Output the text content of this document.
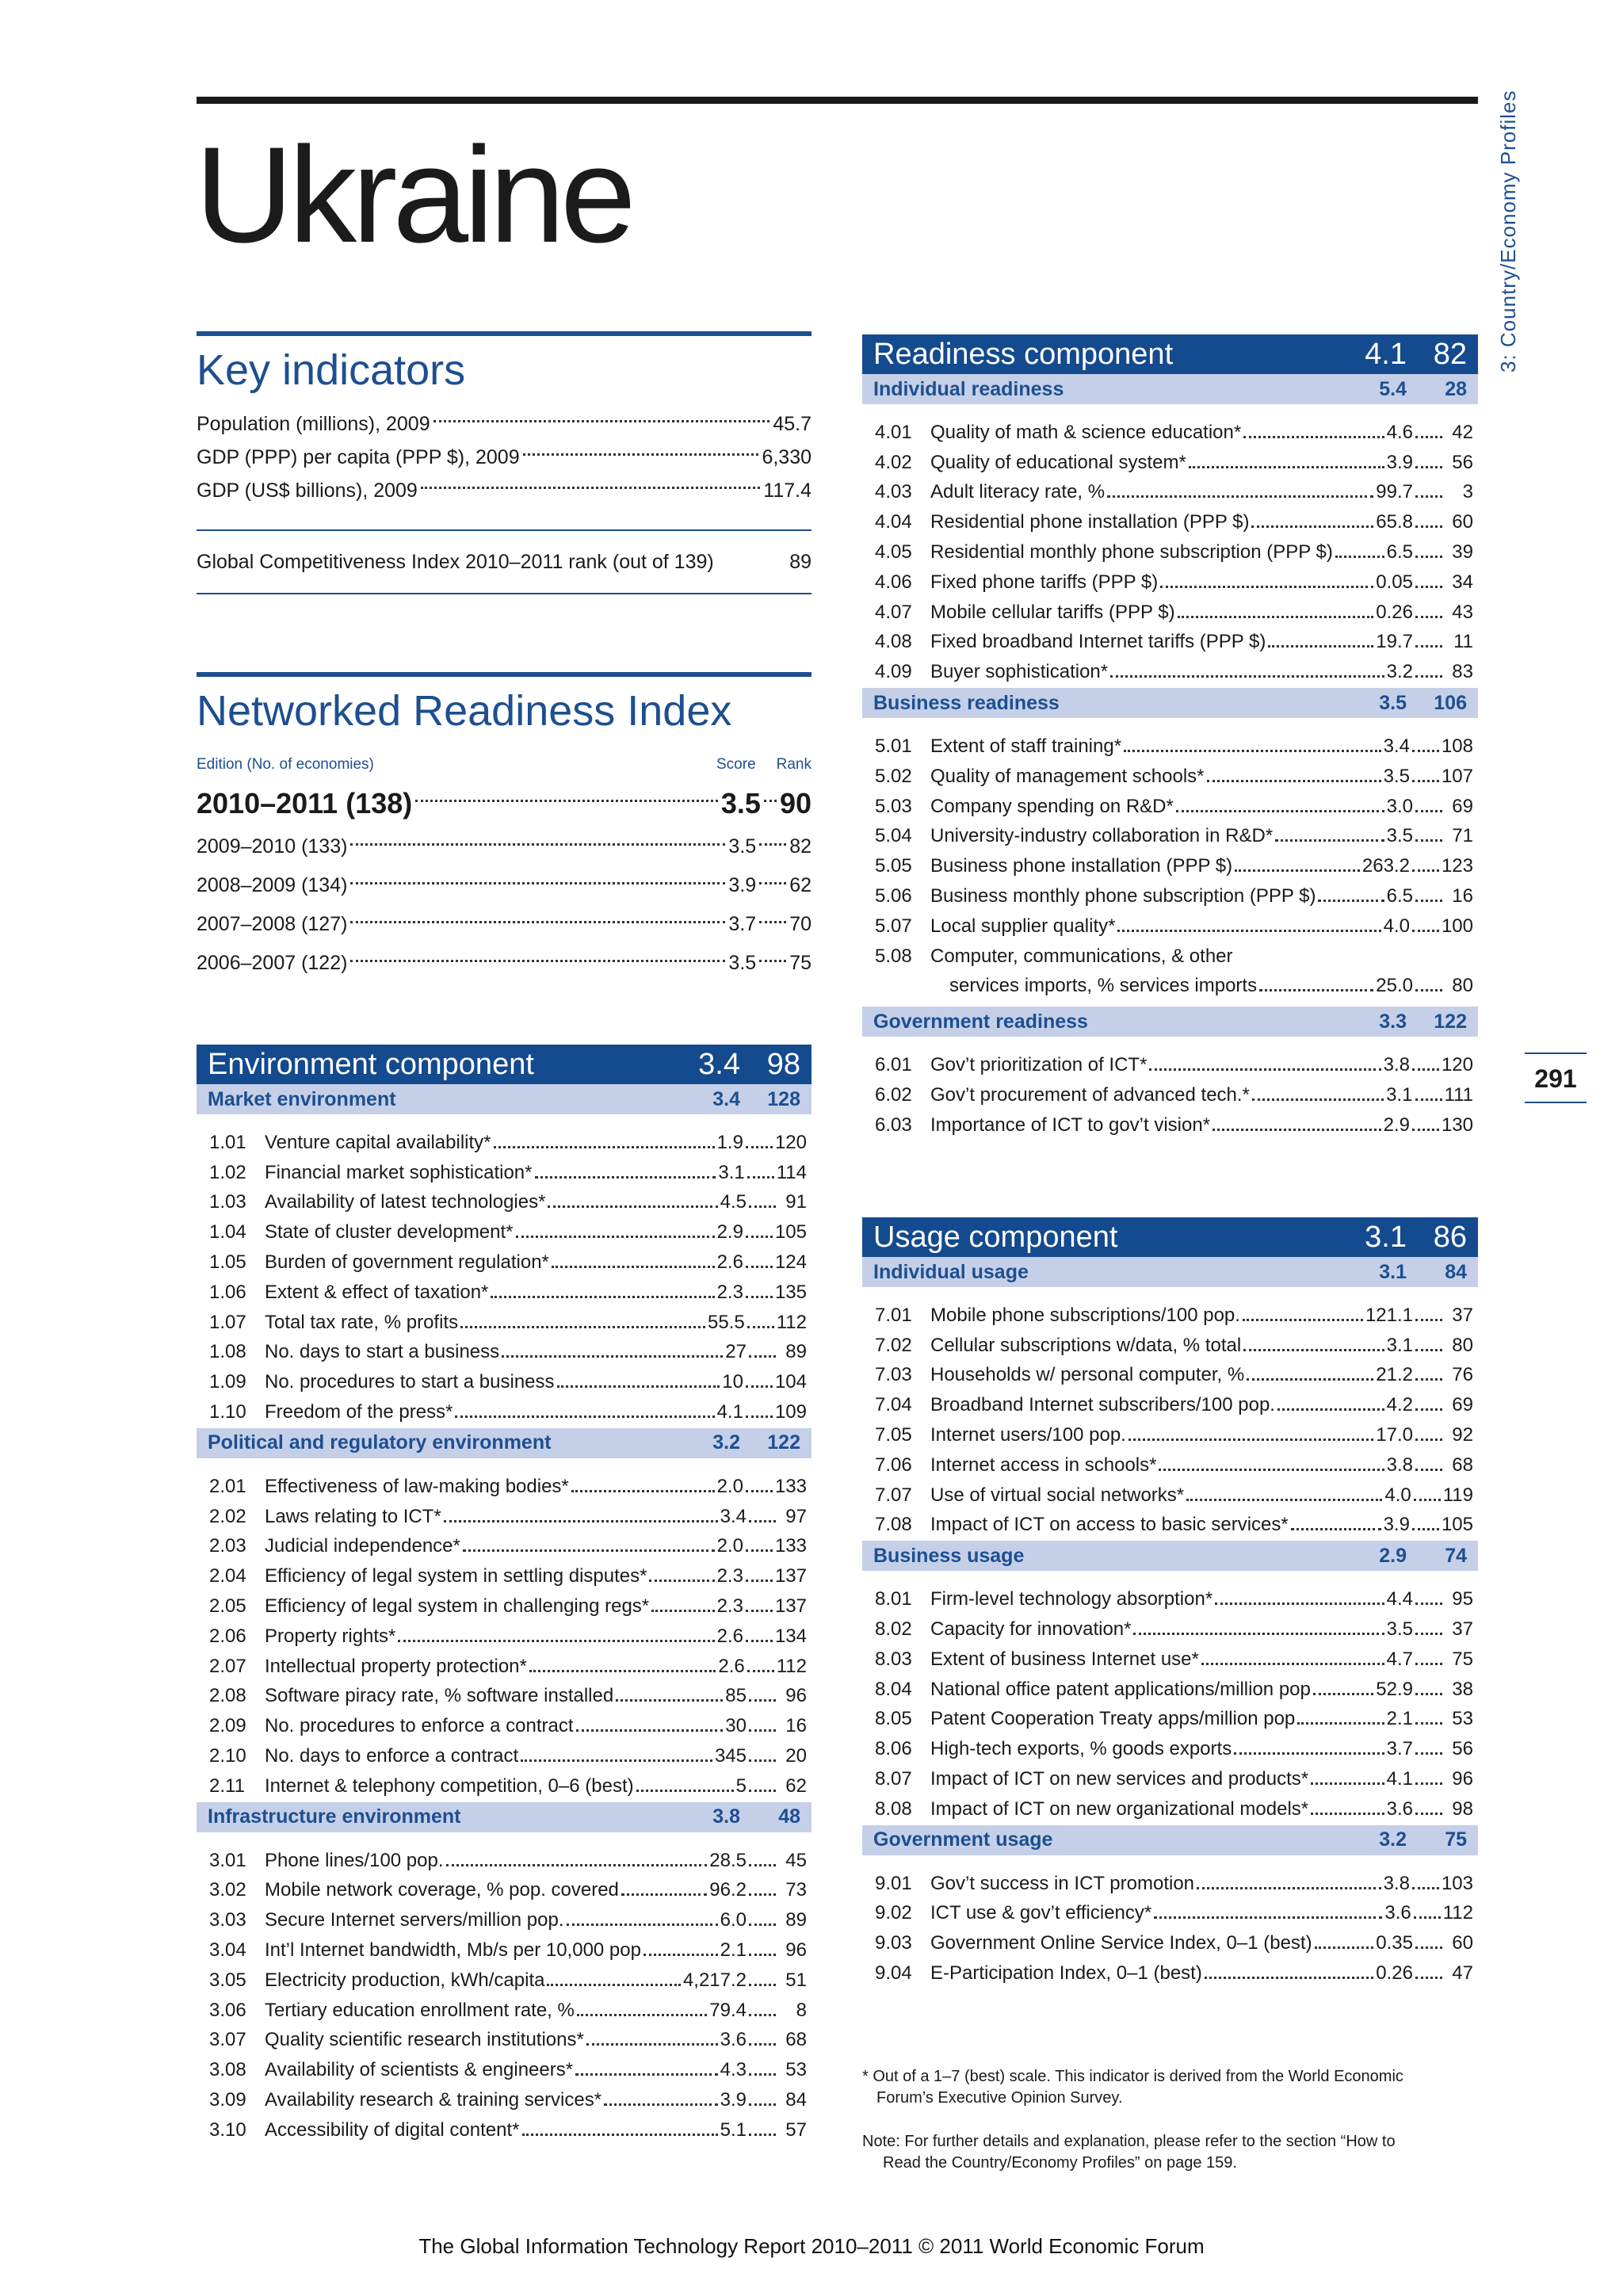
Ukraine	3: Country/Economy Profiles
291
Key indicators
Population (millions), 2009	45.7
GDP (PPP) per capita (PPP $), 2009	6,330
GDP (US$ billions), 2009	117.4
Global Competitiveness Index 2010–2011 rank (out of 139)	89
Networked Readiness Index
Edition (No. of economies)	Score Rank
2010–2011 (138)	3.5 90
2009–2010 (133)	3.5 82
2008–2009 (134)	3.9 62
2007–2008 (127)	3.7 70
2006–2007 (122)	3.5 75
Environment component	3.4 98
Market environment	3.4	128
1.01 Venture capital availability*	1.9 120
1.02 Financial market sophistication*	3.1 114
1.03 Availability of latest technologies*	4.5	91
1.04 State of cluster development*	2.9 105
1.05 Burden of government regulation*	2.6 124
1.06 Extent & effect of taxation*	2.3 135
1.07 Total tax rate, % profits	55.5 112
1.08 No. days to start a business	27	89
1.09 No. procedures to start a business	10 104
1.10 Freedom of the press*	4.1 109
Political and regulatory environment	3.2	122
2.01 Effectiveness of law-making bodies*	2.0 133
2.02 Laws relating to ICT*	3.4	97
2.03 Judicial independence*	2.0 133
2.04 Efficiency of legal system in settling disputes*	2.3 137
2.05 Efficiency of legal system in challenging regs*	2.3 137
2.06 Property rights*	2.6 134
2.07 Intellectual property protection*	2.6 112
2.08 Software piracy rate, % software installed	85	96
2.09 No. procedures to enforce a contract	30	16
2.10 No. days to enforce a contract	345	20
2.11	Internet & telephony competition, 0–6 (best)	5	62
Infrastructure environment	3.8	48
3.01 Phone lines/100 pop.	28.5	45
3.02 Mobile network coverage, % pop. covered	96.2	73
3.03 Secure Internet servers/million pop.	6.0	89
3.04 Int’l Internet bandwidth, Mb/s per 10,000 pop	2.1	96
3.05 Electricity production, kWh/capita	4,217.2	51
3.06 Tertiary education enrollment rate, %	79.4	8
3.07 Quality scientific research institutions*	3.6	68
3.08 Availability of scientists & engineers*	4.3	53
3.09 Availability research & training services*	3.9	84
3.10 Accessibility of digital content*	5.1	57
Readiness component	4.1 82
Individual readiness	5.4	28
4.01 Quality of math & science education*	4.6	42
4.02 Quality of educational system*	3.9	56
4.03 Adult literacy rate, %	99.7	3
4.04 Residential phone installation (PPP $)	65.8	60
4.05 Residential monthly phone subscription (PPP $)	6.5	39
4.06 Fixed phone tariffs (PPP $)	0.05	34
4.07 Mobile cellular tariffs (PPP $)	0.26	43
4.08 Fixed broadband Internet tariffs (PPP $)	19.7	11
4.09 Buyer sophistication*	3.2	83
Business readiness	3.5	106
5.01 Extent of staff training*	3.4 108
5.02 Quality of management schools*	3.5 107
5.03 Company spending on R&D*	3.0	69
5.04 University-industry collaboration in R&D*	3.5	71
5.05 Business phone installation (PPP $)	263.2 123
5.06 Business monthly phone subscription (PPP $)	6.5	16
5.07 Local supplier quality*	4.0 100
5.08 Computer, communications, & other
services imports, % services imports	25.0	80
Government readiness	3.3	122
6.01 Gov’t prioritization of ICT*	3.8 120
6.02 Gov’t procurement of advanced tech.*	3.1 111
6.03 Importance of ICT to gov’t vision*	2.9 130
Usage component	3.1 86
Individual usage	3.1	84
7.01 Mobile phone subscriptions/100 pop.	121.1	37
7.02 Cellular subscriptions w/data, % total	3.1	80
7.03 Households w/ personal computer, %	21.2	76
7.04 Broadband Internet subscribers/100 pop.	4.2	69
7.05 Internet users/100 pop.	17.0	92
7.06 Internet access in schools*	3.8	68
7.07 Use of virtual social networks*	4.0 119
7.08 Impact of ICT on access to basic services*	3.9 105
Business usage	2.9	74
8.01 Firm-level technology absorption*	4.4	95
8.02 Capacity for innovation*	3.5	37
8.03 Extent of business Internet use*	4.7	75
8.04 National office patent applications/million pop	52.9	38
8.05 Patent Cooperation Treaty apps/million pop	2.1	53
8.06 High-tech exports, % goods exports	3.7	56
8.07 Impact of ICT on new services and products*	4.1	96
8.08 Impact of ICT on new organizational models*	3.6	98
Government usage	3.2	75
9.01 Gov’t success in ICT promotion	3.8 103
9.02 ICT use & gov’t efficiency*	3.6 112
9.03 Government Online Service Index, 0–1 (best)	0.35	60
9.04 E-Participation Index, 0–1 (best)	0.26	47
* Out of a 1–7 (best) scale. This indicator is derived from the World Economic
Forum’s Executive Opinion Survey.
Note: For further details and explanation, please refer to the section “How to
Read the Country/Economy Profiles” on page 159.
The Global Information Technology Report 2010–2011 © 2011 World Economic Forum
